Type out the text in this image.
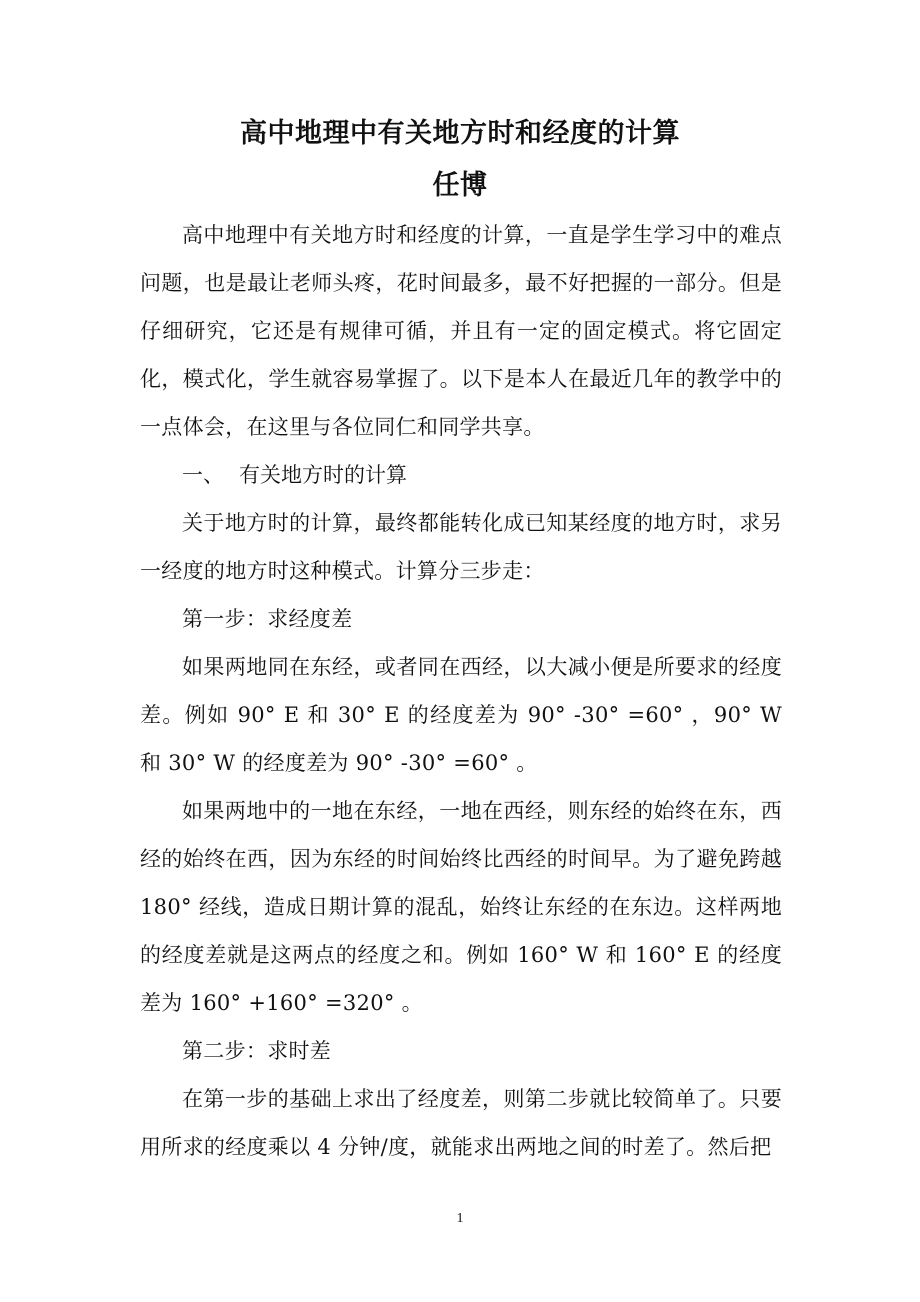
高中地理中有关地方时和经度的计算
任博

高中地理中有关地方时和经度的计算，一直是学生学习中的难点问题，也是最让老师头疼，花时间最多，最不好把握的一部分。但是仔细研究，它还是有规律可循，并且有一定的固定模式。将它固定化，模式化，学生就容易掌握了。以下是本人在最近几年的教学中的一点体会，在这里与各位同仁和同学共享。

一、 有关地方时的计算

关于地方时的计算，最终都能转化成已知某经度的地方时，求另一经度的地方时这种模式。计算分三步走：

第一步：求经度差

如果两地同在东经，或者同在西经，以大减小便是所要求的经度差。例如 90° E 和 30° E 的经度差为 90° -30° =60° ，90° W 和 30° W 的经度差为 90° -30° =60° 。

如果两地中的一地在东经，一地在西经，则东经的始终在东，西经的始终在西，因为东经的时间始终比西经的时间早。为了避免跨越 180° 经线，造成日期计算的混乱，始终让东经的在东边。这样两地的经度差就是这两点的经度之和。例如 160° W 和 160° E 的经度差为 160° +160° =320° 。

第二步：求时差

在第一步的基础上求出了经度差，则第二步就比较简单了。只要用所求的经度乘以 4 分钟/度，就能求出两地之间的时差了。然后把

1
